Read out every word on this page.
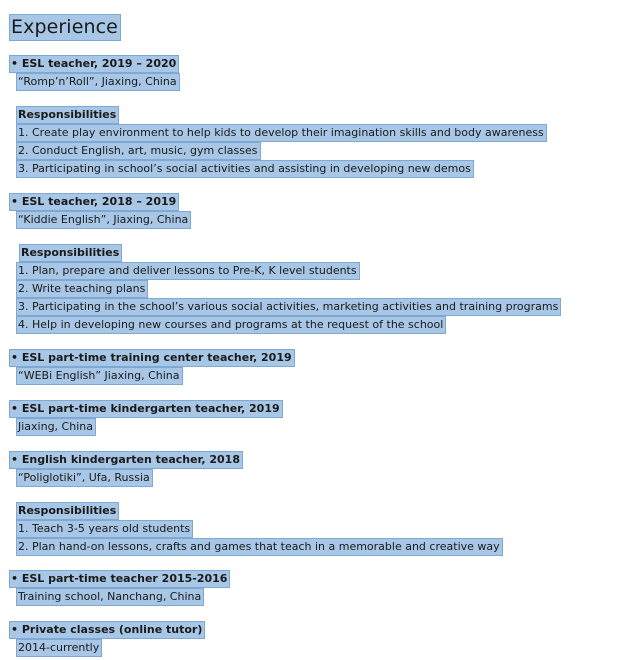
Experience
• ESL teacher, 2019 – 2020
“Romp’n’Roll”, Jiaxing, China
Responsibilities
1. Create play environment to help kids to develop their imagination skills and body awareness
2. Conduct English, art, music, gym classes
3. Participating in school’s social activities and assisting in developing new demos
• ESL teacher, 2018 – 2019
“Kiddie English”, Jiaxing, China
Responsibilities
1. Plan, prepare and deliver lessons to Pre-K, K level students
2. Write teaching plans
3. Participating in the school’s various social activities, marketing activities and training programs
4. Help in developing new courses and programs at the request of the school
• ESL part-time training center teacher, 2019
“WEBi English” Jiaxing, China
• ESL part-time kindergarten teacher, 2019
Jiaxing, China
• English kindergarten teacher, 2018
“Poliglotiki”, Ufa, Russia
Responsibilities
1. Teach 3-5 years old students
2. Plan hand-on lessons, crafts and games that teach in a memorable and creative way
• ESL part-time teacher 2015-2016
Training school, Nanchang, China
• Private classes (online tutor)
2014-currently
